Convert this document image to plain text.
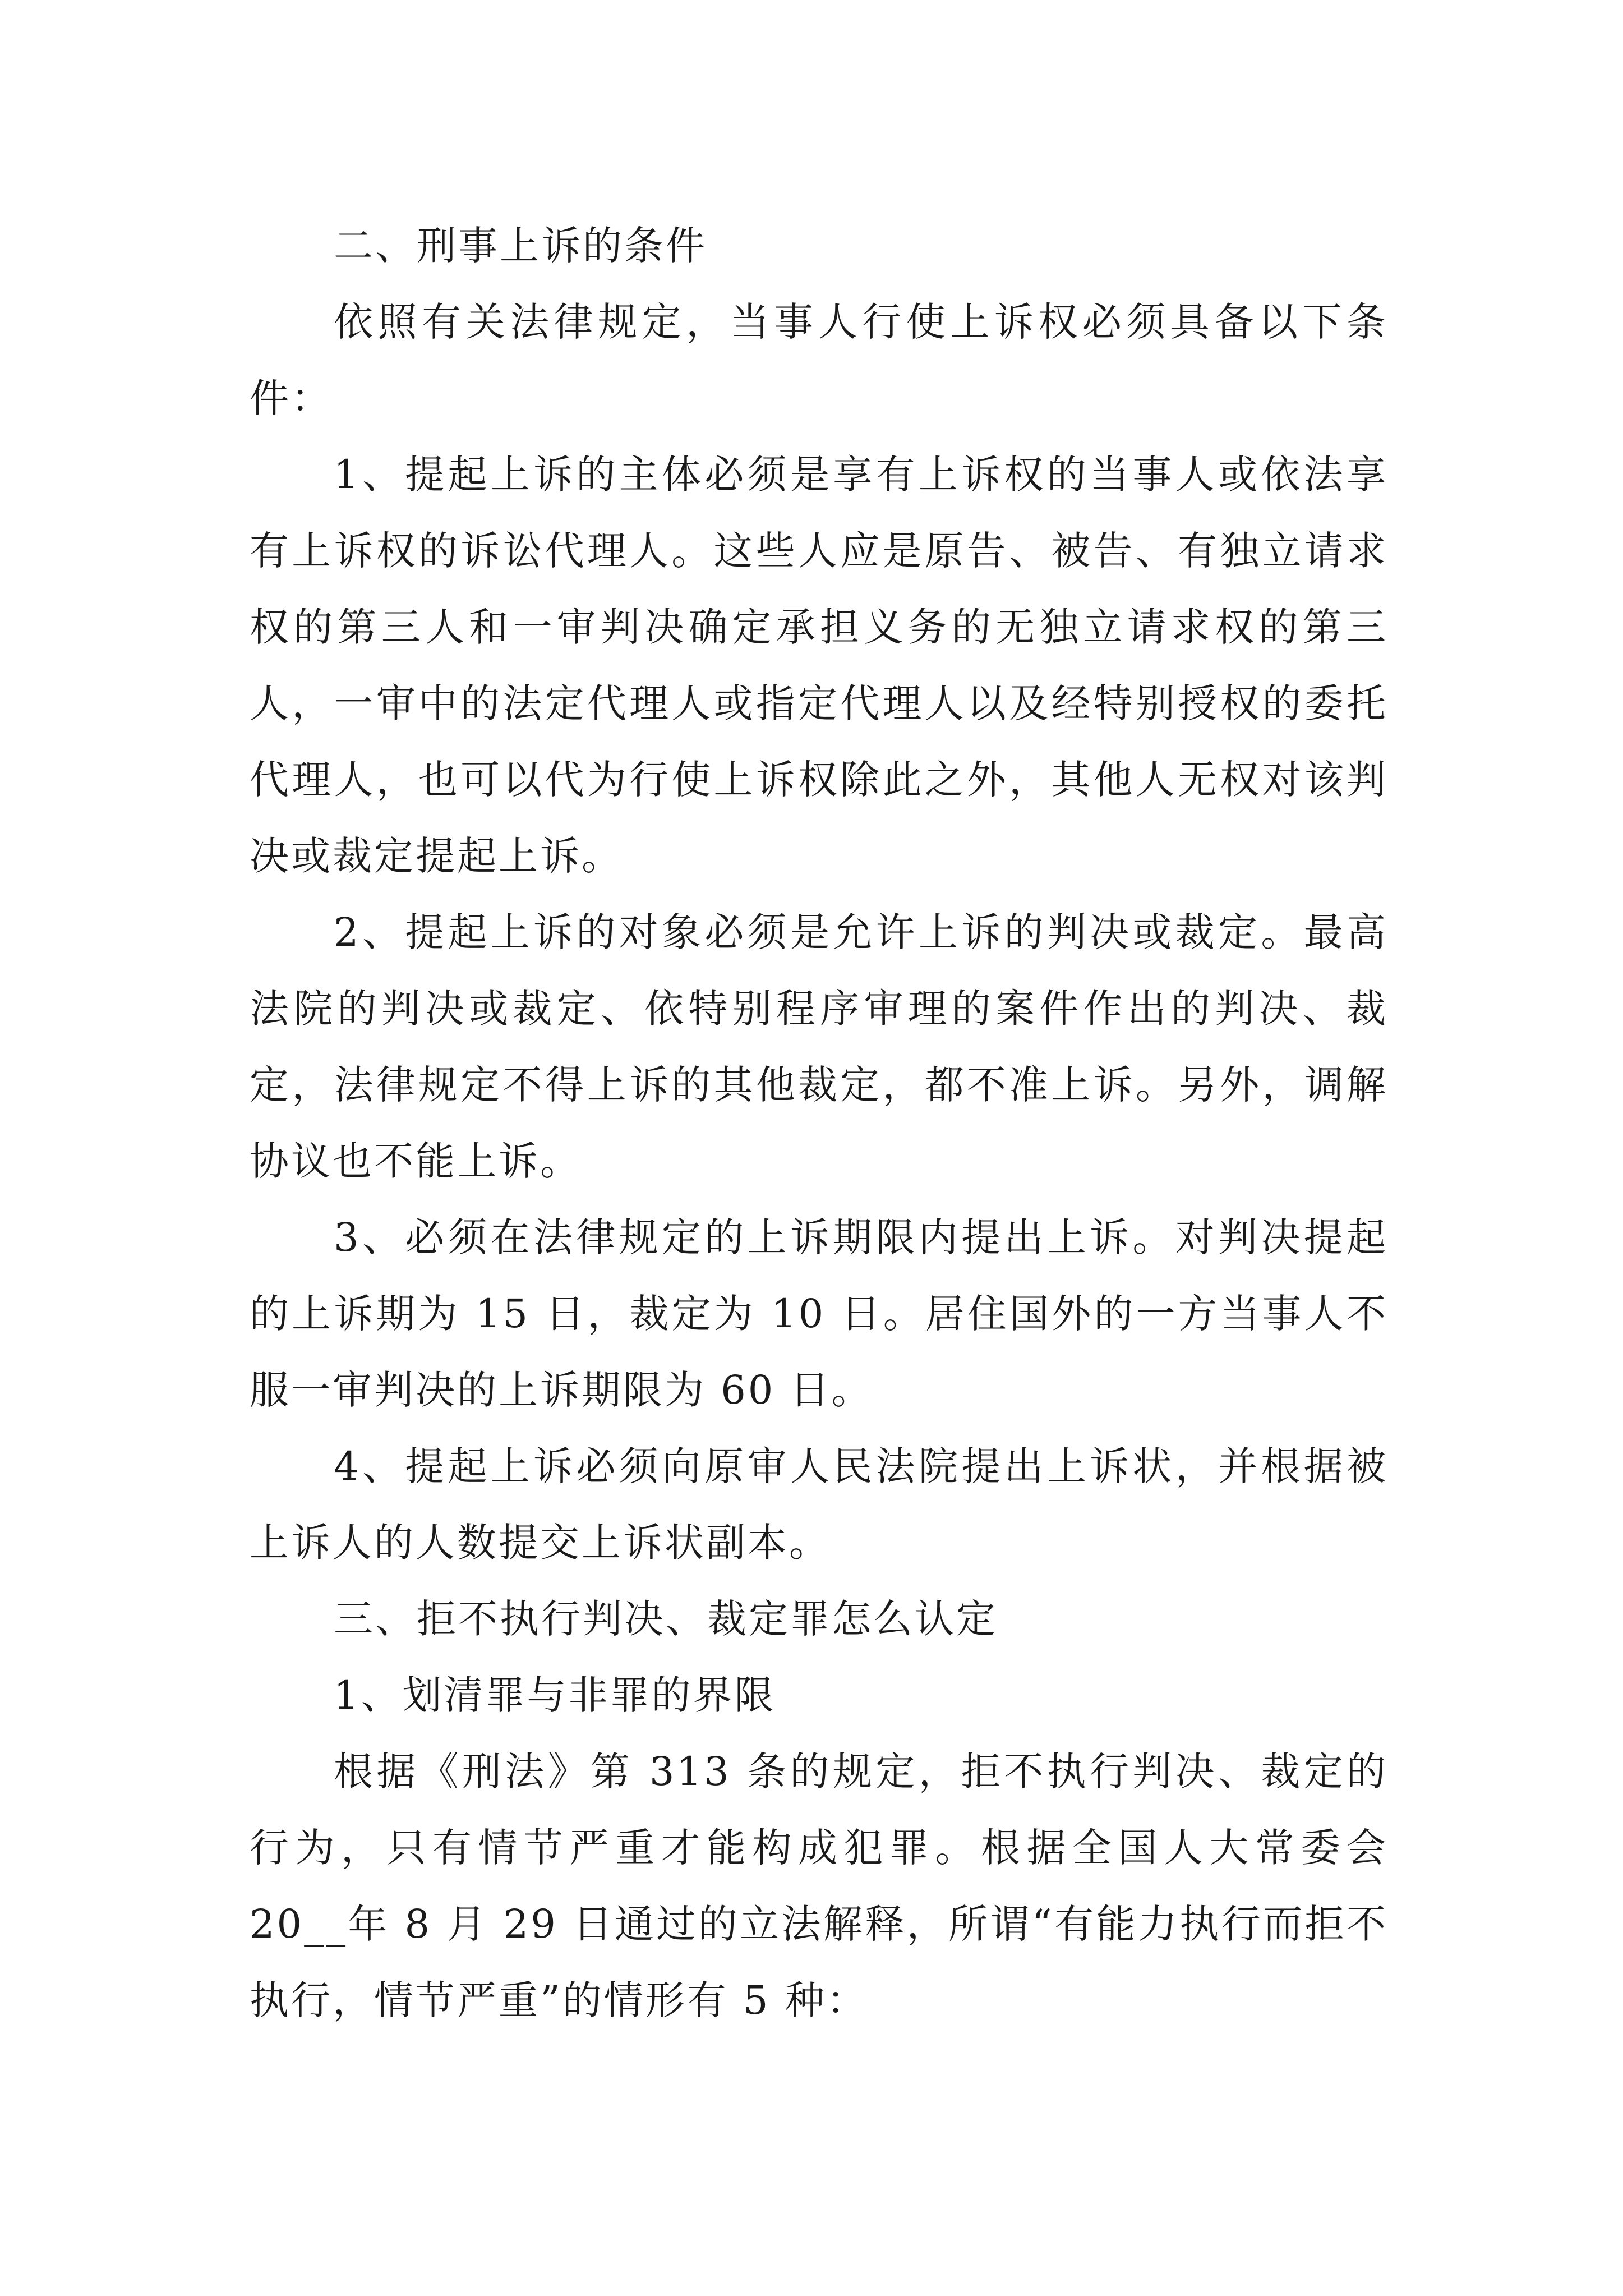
二、刑事上诉的条件

依照有关法律规定，当事人行使上诉权必须具备以下条件：

1、提起上诉的主体必须是享有上诉权的当事人或依法享有上诉权的诉讼代理人。这些人应是原告、被告、有独立请求权的第三人和一审判决确定承担义务的无独立请求权的第三人，一审中的法定代理人或指定代理人以及经特别授权的委托代理人，也可以代为行使上诉权除此之外，其他人无权对该判决或裁定提起上诉。

2、提起上诉的对象必须是允许上诉的判决或裁定。最高法院的判决或裁定、依特别程序审理的案件作出的判决、裁定，法律规定不得上诉的其他裁定，都不准上诉。另外，调解协议也不能上诉。

3、必须在法律规定的上诉期限内提出上诉。对判决提起的上诉期为 15 日，裁定为 10 日。居住国外的一方当事人不服一审判决的上诉期限为 60 日。

4、提起上诉必须向原审人民法院提出上诉状，并根据被上诉人的人数提交上诉状副本。

三、拒不执行判决、裁定罪怎么认定

1、划清罪与非罪的界限

根据《刑法》第 313 条的规定，拒不执行判决、裁定的行为，只有情节严重才能构成犯罪。根据全国人大常委会 20__年 8 月 29 日通过的立法解释，所谓“有能力执行而拒不执行，情节严重”的情形有 5 种：
